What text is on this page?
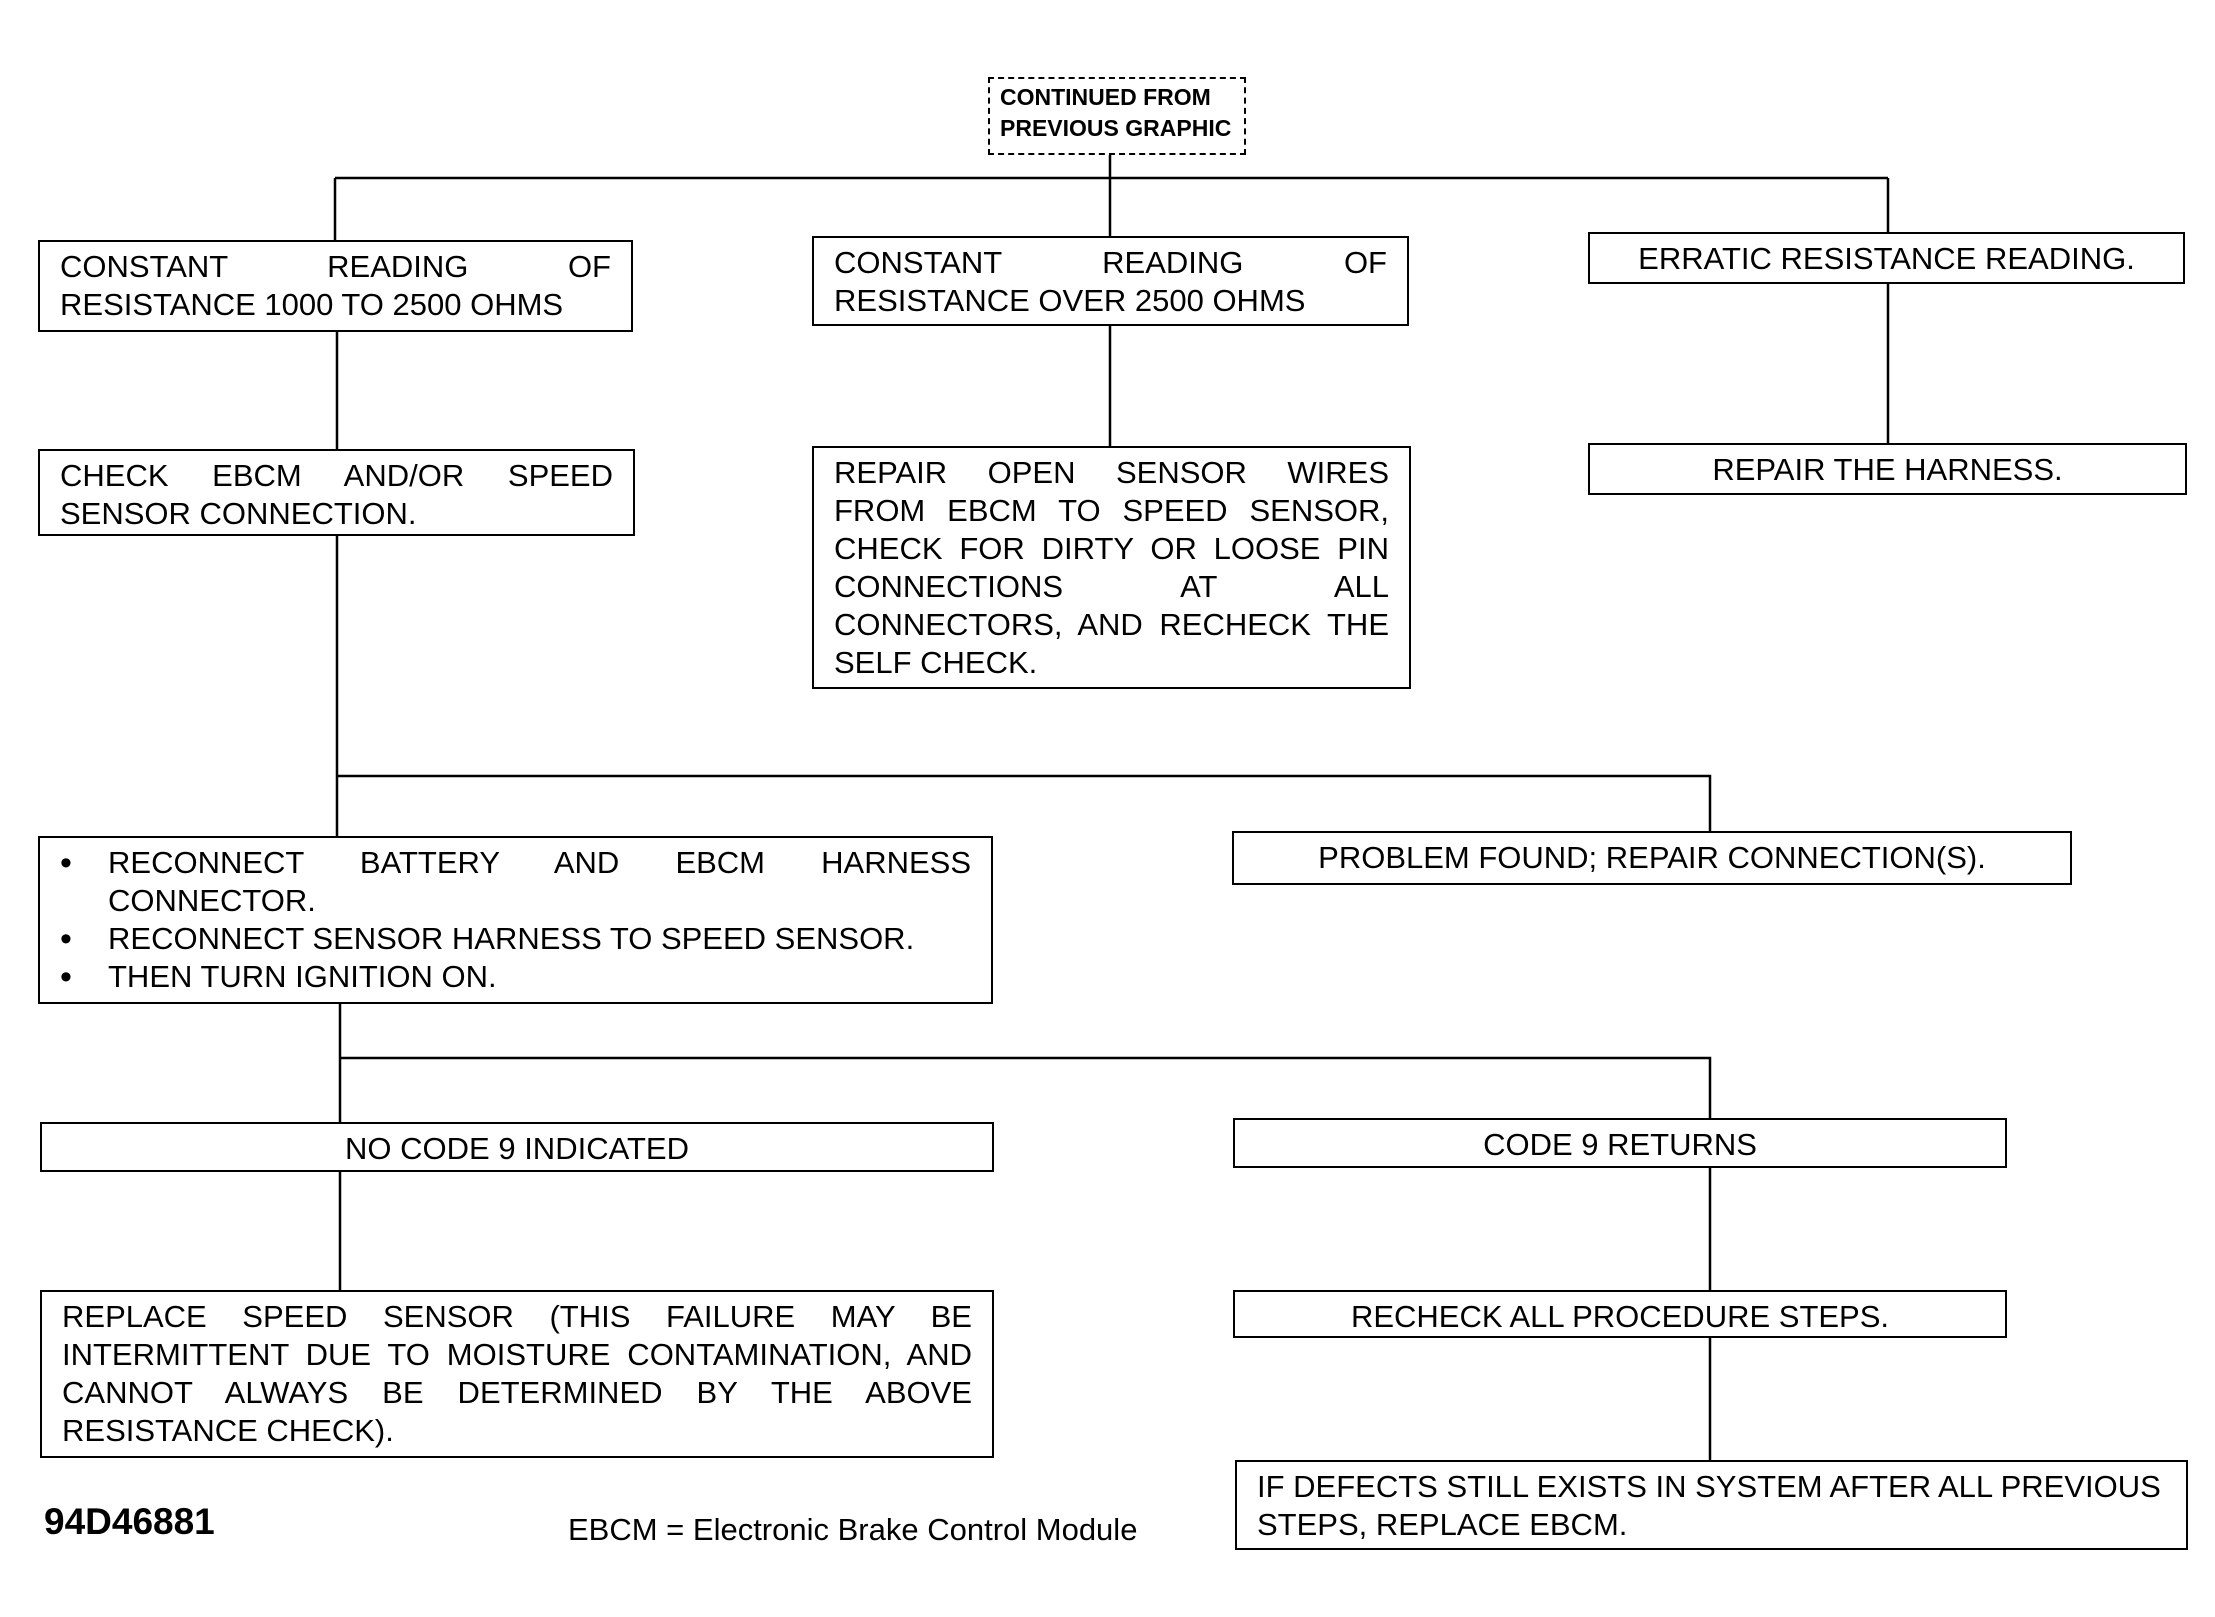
CONTINUED FROM PREVIOUS GRAPHIC
CONSTANT READING OF RESISTANCE 1000 TO 2500 OHMS
CONSTANT READING OF RESISTANCE OVER 2500 OHMS
ERRATIC RESISTANCE READING.
CHECK EBCM AND/OR SPEED SENSOR CONNECTION.
REPAIR OPEN SENSOR WIRES FROM EBCM TO SPEED SENSOR, CHECK FOR DIRTY OR LOOSE PIN CONNECTIONS AT ALL CONNECTORS, AND RECHECK THE SELF CHECK.
REPAIR THE HARNESS.
• RECONNECT BATTERY AND EBCM HARNESS CONNECTOR.
• RECONNECT SENSOR HARNESS TO SPEED SENSOR.
• THEN TURN IGNITION ON.
PROBLEM FOUND; REPAIR CONNECTION(S).
NO CODE 9 INDICATED	CODE 9 RETURNS
REPLACE SPEED SENSOR (THIS FAILURE MAY BE INTERMITTENT DUE TO MOISTURE CONTAMINATION, AND CANNOT ALWAYS BE DETERMINED BY THE ABOVE RESISTANCE CHECK).
RECHECK ALL PROCEDURE STEPS.
IF DEFECTS STILL EXISTS IN SYSTEM AFTER ALL PREVIOUS STEPS, REPLACE EBCM.
94D46881	EBCM = Electronic Brake Control Module
